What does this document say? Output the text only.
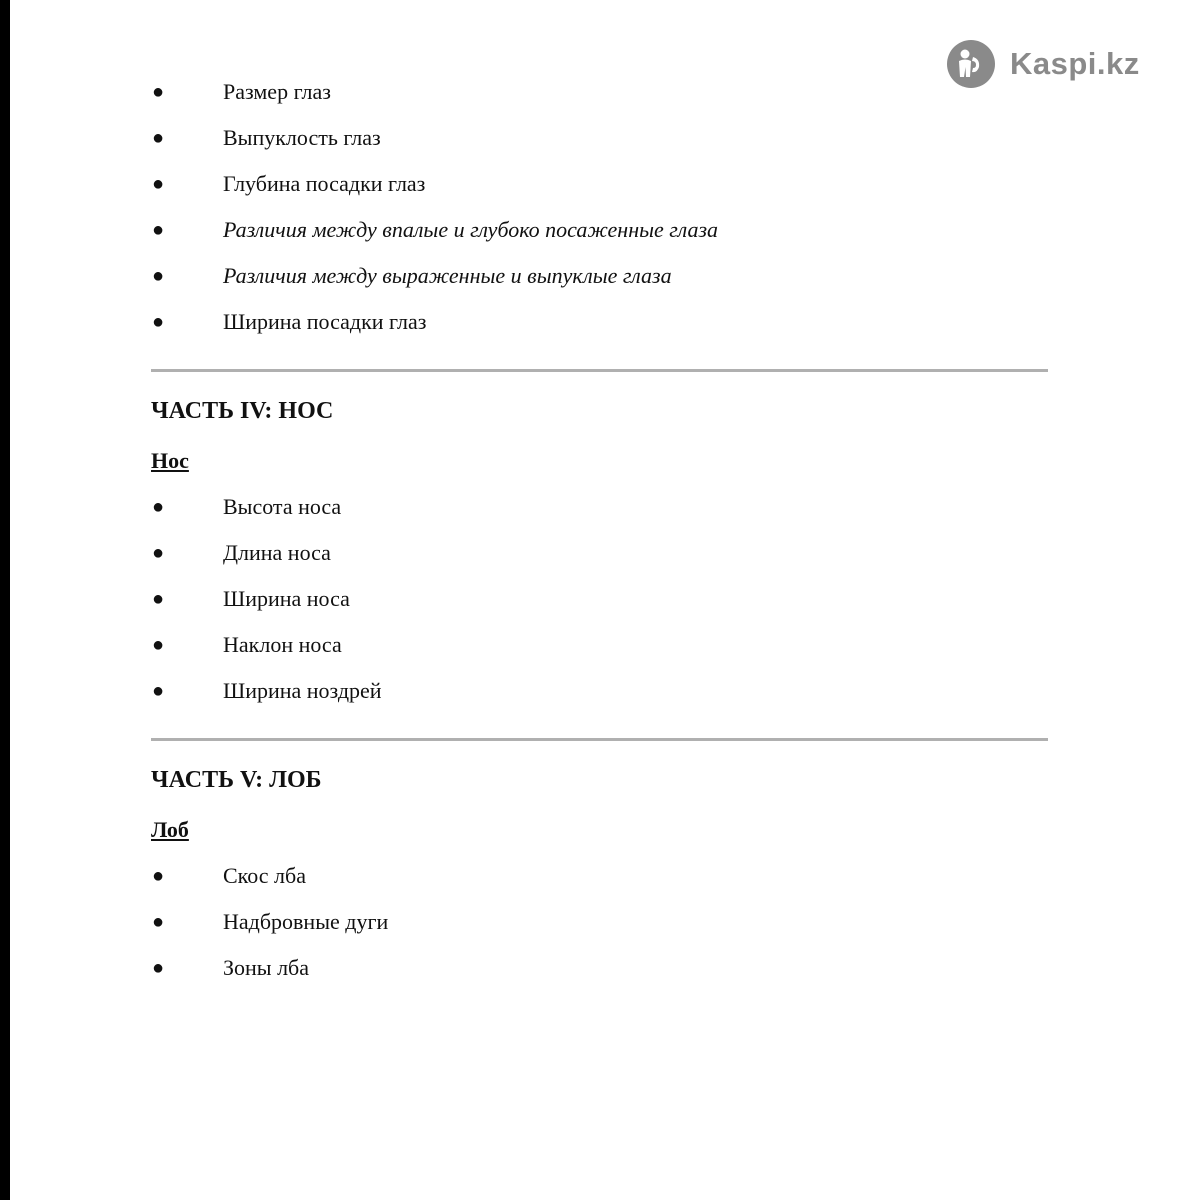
Kaspi.kz
●	Размер глаз
●	Выпуклость глаз
●	Глубина посадки глаз
●	Различия между впалые и глубоко посаженные глаза
●	Различия между выраженные и выпуклые глаза
●	Ширина посадки глаз
ЧАСТЬ IV: НОС
Нос
●	Высота носа
●	Длина носа
●	Ширина носа
●	Наклон носа
●	Ширина ноздрей
ЧАСТЬ V: ЛОБ
Лоб
●	Скос лба
●	Надбровные дуги
●	Зоны лба
